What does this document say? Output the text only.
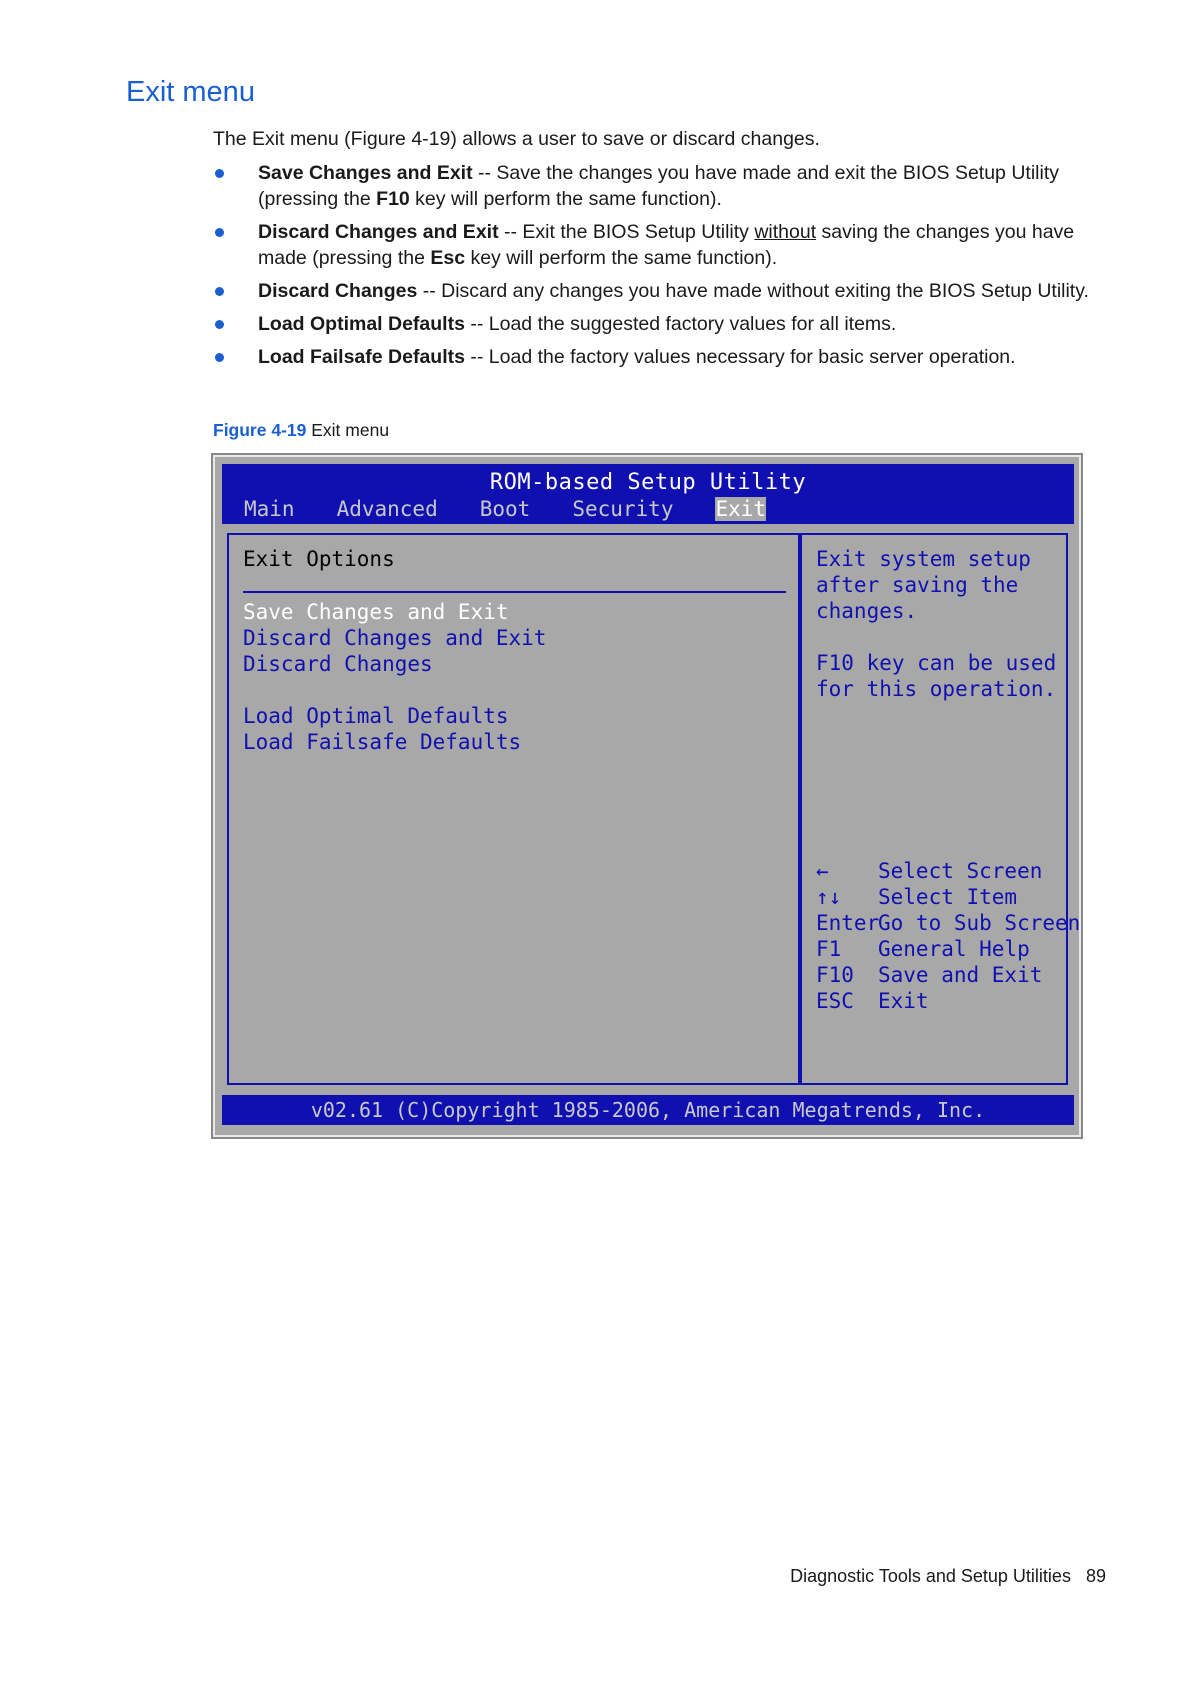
Exit menu

The Exit menu (Figure 4-19) allows a user to save or discard changes.

Save Changes and Exit -- Save the changes you have made and exit the BIOS Setup Utility (pressing the F10 key will perform the same function).
Discard Changes and Exit -- Exit the BIOS Setup Utility without saving the changes you have made (pressing the Esc key will perform the same function).
Discard Changes -- Discard any changes you have made without exiting the BIOS Setup Utility.
Load Optimal Defaults -- Load the suggested factory values for all items.
Load Failsafe Defaults -- Load the factory values necessary for basic server operation.

Figure 4-19 Exit menu

ROM-based Setup Utility
Main Advanced Boot Security Exit
Exit Options
Save Changes and Exit
Discard Changes and Exit
Discard Changes
Load Optimal Defaults
Load Failsafe Defaults
Exit system setup
after saving the
changes.
F10 key can be used
for this operation.
← Select Screen
↑↓ Select Item
EnterGo to Sub Screen
F1 General Help
F10 Save and Exit
ESC Exit
v02.61 (C)Copyright 1985-2006, American Megatrends, Inc.
Diagnostic Tools and Setup Utilities 89
